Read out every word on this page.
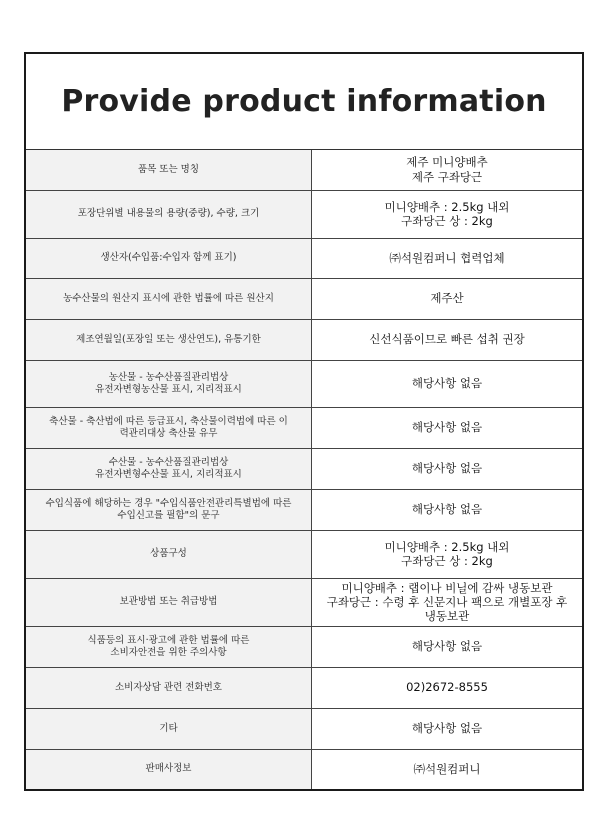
Provide product information
품목 또는 명칭	제주 미니양배추
제주 구좌당근

포장단위별 내용물의 용량(중량), 수량, 크기	미니양배추 : 2.5kg 내외
구좌당근 상 : 2kg

생산자(수입품:수입자 함께 표기)	㈜석원컴퍼니 협력업체

농수산물의 원산지 표시에 관한 법률에 따른 원산지	제주산

제조연월일(포장일 또는 생산연도), 유통기한	신선식품이므로 빠른 섭취 권장

농산물 - 농수산품질관리법상
유전자변형농산물 표시, 지리적표시	해당사항 없음

축산물 - 축산법에 따른 등급표시, 축산물이력법에 따른 이
력관리대상 축산물 유무	해당사항 없음

수산물 - 농수산품질관리법상
유전자변형수산물 표시, 지리적표시	해당사항 없음

수입식품에 해당하는 경우 "수입식품안전관리특별법에 따른
수입신고를 필함"의 문구	해당사항 없음

상품구성	미니양배추 : 2.5kg 내외
구좌당근 상 : 2kg

보관방법 또는 취급방법	미니양배추 : 랩이나 비닐에 감싸 냉동보관
구좌당근 : 수령 후 신문지나 팩으로 개별포장 후
냉동보관

식품등의 표시·광고에 관한 법률에 따른
소비자안전을 위한 주의사항	해당사항 없음

소비자상담 관련 전화번호	02)2672-8555

기타	해당사항 없음

판매사정보	㈜석원컴퍼니
